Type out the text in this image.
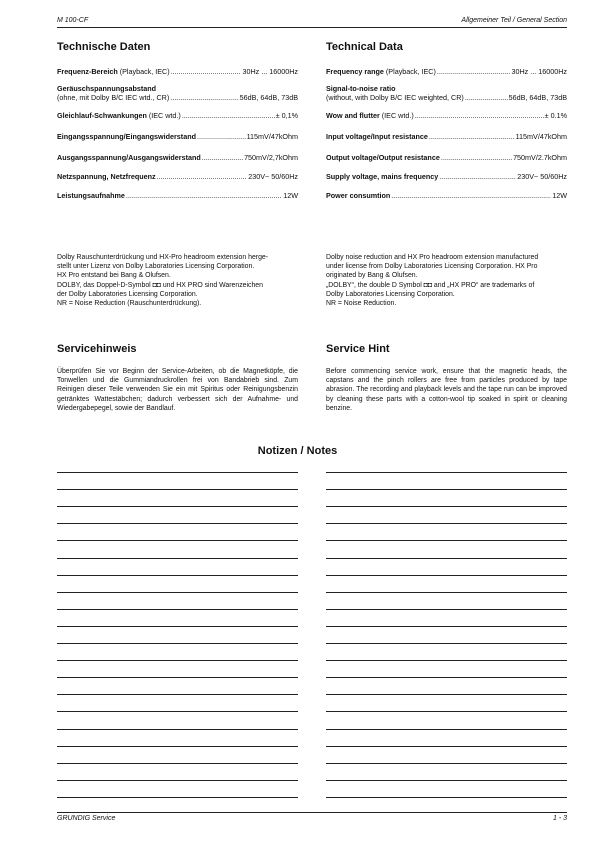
M 100-CF	Allgemeiner Teil / General Section
Technische Daten	Technical Data
Frequenz-Bereich (Playback, IEC) .....	30Hz ... 16000Hz
Geräuschspannungsabstand
(ohne, mit Dolby B/C IEC wtd., CR) .....	56dB, 64dB, 73dB
Gleichlauf-Schwankungen (IEC wtd.) .....	± 0,1%
Eingangsspannung/Eingangswiderstand .....	115mV/47kOhm
Ausgangsspannung/Ausgangswiderstand .....	750mV/2,7kOhm
Netzspannung, Netzfrequenz .....	230V~ 50/60Hz
Leistungsaufnahme .....	12W
Frequency range (Playback, IEC) .....	30Hz ... 16000Hz
Signal-to-noise ratio
(without, with Dolby B/C IEC weighted, CR) .....	56dB, 64dB, 73dB
Wow and flutter (IEC wtd.) .....	± 0.1%
Input voltage/Input resistance .....	115mV/47kOhm
Output voltage/Output resistance .....	750mV/2.7kOhm
Supply voltage, mains frequency .....	230V~ 50/60Hz
Power consumtion .....	12W
Dolby Rauschunterdrückung und HX-Pro headroom extension herge-
stellt unter Lizenz von Dolby Laboratories Licensing Corporation.
HX Pro entstand bei Bang & Olufsen.
DOLBY, das Doppel-D-Symbol ◘◘ und HX PRO sind Warenzeichen
der Dolby Laboratories Licensing Corporation.
NR = Noise Reduction (Rauschunterdrückung).
Dolby noise reduction and HX Pro headroom extension manufactured
under license from Dolby Laboratories Licensing Corporation. HX Pro
originated by Bang & Olufsen.
„DOLBY“, the double D Symbol ◘◘ and „HX PRO“ are trademarks of
Dolby Laboratories Licensing Corporation.
NR = Noise Reduction.
Servicehinweis	Service Hint
Überprüfen Sie vor Beginn der Service-Arbeiten, ob die Magnetköpfe, die Tonwellen und die Gummiandruckrollen frei von Bandabrieb sind. Zum Reinigen dieser Teile verwenden Sie ein mit Spiritus oder Reinigungsbenzin getränktes Wattestäbchen; dadurch verbessert sich der Aufnahme- und Wiedergabepegel, sowie der Bandlauf.
Before commencing service work, ensure that the magnetic heads, the capstans and the pinch rollers are free from particles produced by tape abrasion. The recording and playback levels and the tape run can be improved by cleaning these parts with a cotton-wool tip soaked in spirit or cleaning benzine.
Notizen / Notes
GRUNDIG Service	1 - 3
